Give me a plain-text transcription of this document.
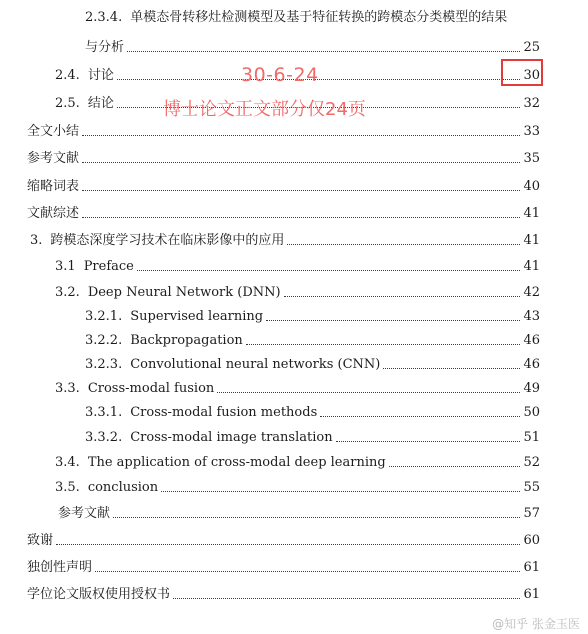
2.3.4. 单模态骨转移灶检测模型及基于特征转换的跨模态分类模型的结果
与分析	25
2.4. 讨论	30
2.5. 结论	32
全文小结	33
参考文献	35
缩略词表	40
文献综述	41
3. 跨模态深度学习技术在临床影像中的应用	41
3.1 Preface	41
3.2. Deep Neural Network (DNN)	42
3.2.1. Supervised learning	43
3.2.2. Backpropagation	46
3.2.3. Convolutional neural networks (CNN)	46
3.3. Cross-modal fusion	49
3.3.1. Cross-modal fusion methods	50
3.3.2. Cross-modal image translation	51
3.4. The application of cross-modal deep learning	52
3.5. conclusion	55
参考文献	57
致谢	60
独创性声明	61
学位论文版权使用授权书	61
30-6-24
博士论文正文部分仅24页
@知乎 张金玉医
